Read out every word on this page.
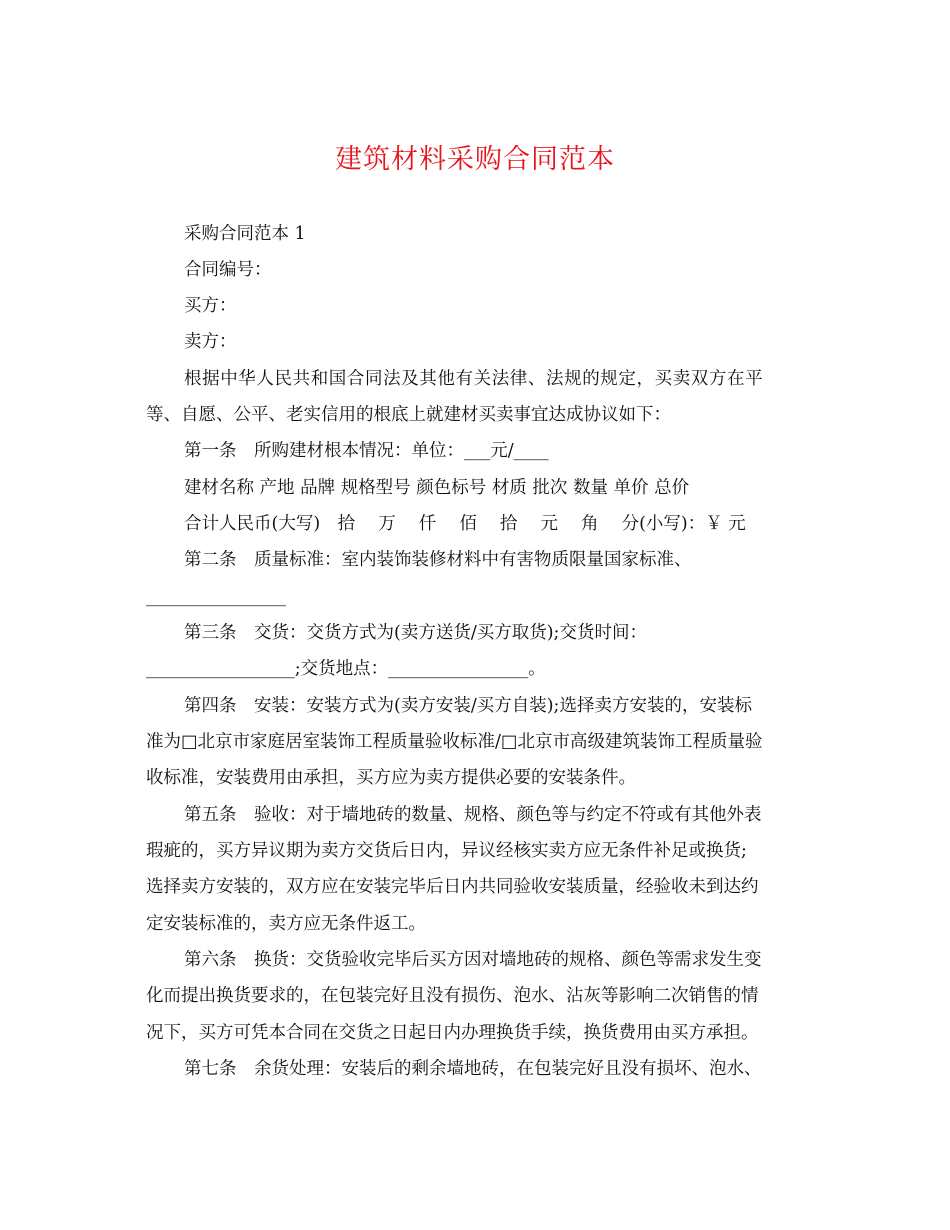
建筑材料采购合同范本
采购合同范本 1
合同编号：
买方：
卖方：
根据中华人民共和国合同法及其他有关法律、法规的规定，买卖双方在平
等、自愿、公平、老实信用的根底上就建材买卖事宜达成协议如下：
第一条　所购建材根本情况：单位：___元/____
建材名称 产地 品牌 规格型号 颜色标号 材质 批次 数量 单价 总价
合计人民币(大写)　拾　 万　 仟　 佰　 拾　 元　 角　 分(小写)：￥ 元
第二条　质量标准：室内装饰装修材料中有害物质限量国家标准、
________________
第三条　交货：交货方式为(卖方送货/买方取货);交货时间：
_________________;交货地点：________________。
第四条　安装：安装方式为(卖方安装/买方自装);选择卖方安装的，安装标
准为□北京市家庭居室装饰工程质量验收标准/□北京市高级建筑装饰工程质量验
收标准，安装费用由承担，买方应为卖方提供必要的安装条件。
第五条　验收：对于墙地砖的数量、规格、颜色等与约定不符或有其他外表
瑕疵的，买方异议期为卖方交货后日内，异议经核实卖方应无条件补足或换货;
选择卖方安装的，双方应在安装完毕后日内共同验收安装质量，经验收未到达约
定安装标准的，卖方应无条件返工。
第六条　换货：交货验收完毕后买方因对墙地砖的规格、颜色等需求发生变
化而提出换货要求的，在包装完好且没有损伤、泡水、沾灰等影响二次销售的情
况下，买方可凭本合同在交货之日起日内办理换货手续，换货费用由买方承担。
第七条　余货处理：安装后的剩余墙地砖，在包装完好且没有损坏、泡水、
